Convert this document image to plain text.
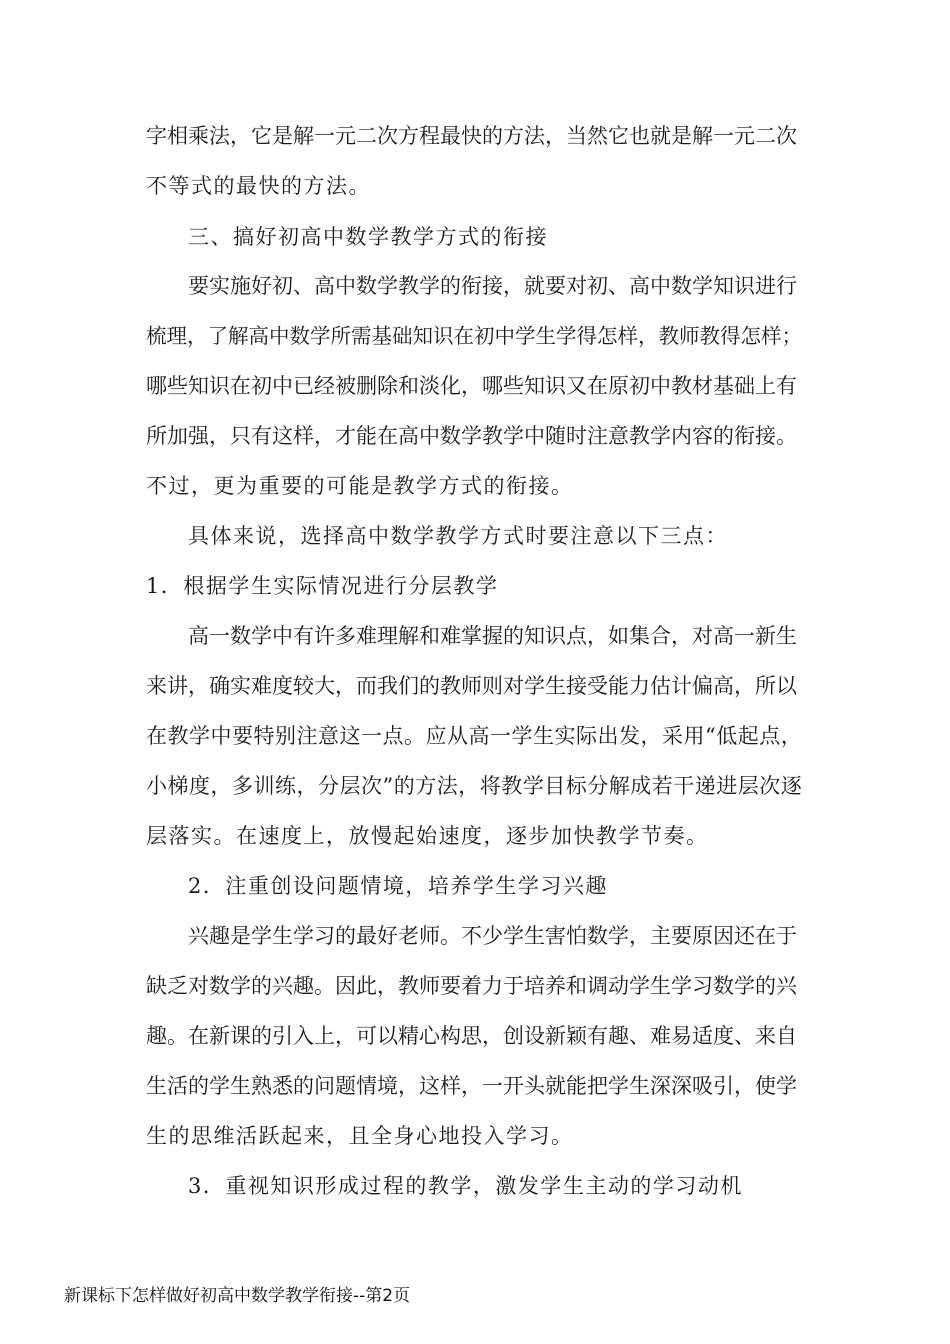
字相乘法，它是解一元二次方程最快的方法，当然它也就是解一元二次
不等式的最快的方法。
三、搞好初高中数学教学方式的衔接
要实施好初、高中数学教学的衔接，就要对初、高中数学知识进行
梳理，了解高中数学所需基础知识在初中学生学得怎样，教师教得怎样；
哪些知识在初中已经被删除和淡化，哪些知识又在原初中教材基础上有
所加强，只有这样，才能在高中数学教学中随时注意教学内容的衔接。
不过，更为重要的可能是教学方式的衔接。
具体来说，选择高中数学教学方式时要注意以下三点：
1．根据学生实际情况进行分层教学
高一数学中有许多难理解和难掌握的知识点，如集合，对高一新生
来讲，确实难度较大，而我们的教师则对学生接受能力估计偏高，所以
在教学中要特别注意这一点。应从高一学生实际出发，采用“低起点，
小梯度，多训练，分层次”的方法，将教学目标分解成若干递进层次逐
层落实。在速度上，放慢起始速度，逐步加快教学节奏。
2．注重创设问题情境，培养学生学习兴趣
兴趣是学生学习的最好老师。不少学生害怕数学，主要原因还在于
缺乏对数学的兴趣。因此，教师要着力于培养和调动学生学习数学的兴
趣。在新课的引入上，可以精心构思，创设新颖有趣、难易适度、来自
生活的学生熟悉的问题情境，这样，一开头就能把学生深深吸引，使学
生的思维活跃起来，且全身心地投入学习。
3．重视知识形成过程的教学，激发学生主动的学习动机
新课标下怎样做好初高中数学教学衔接--第2页
